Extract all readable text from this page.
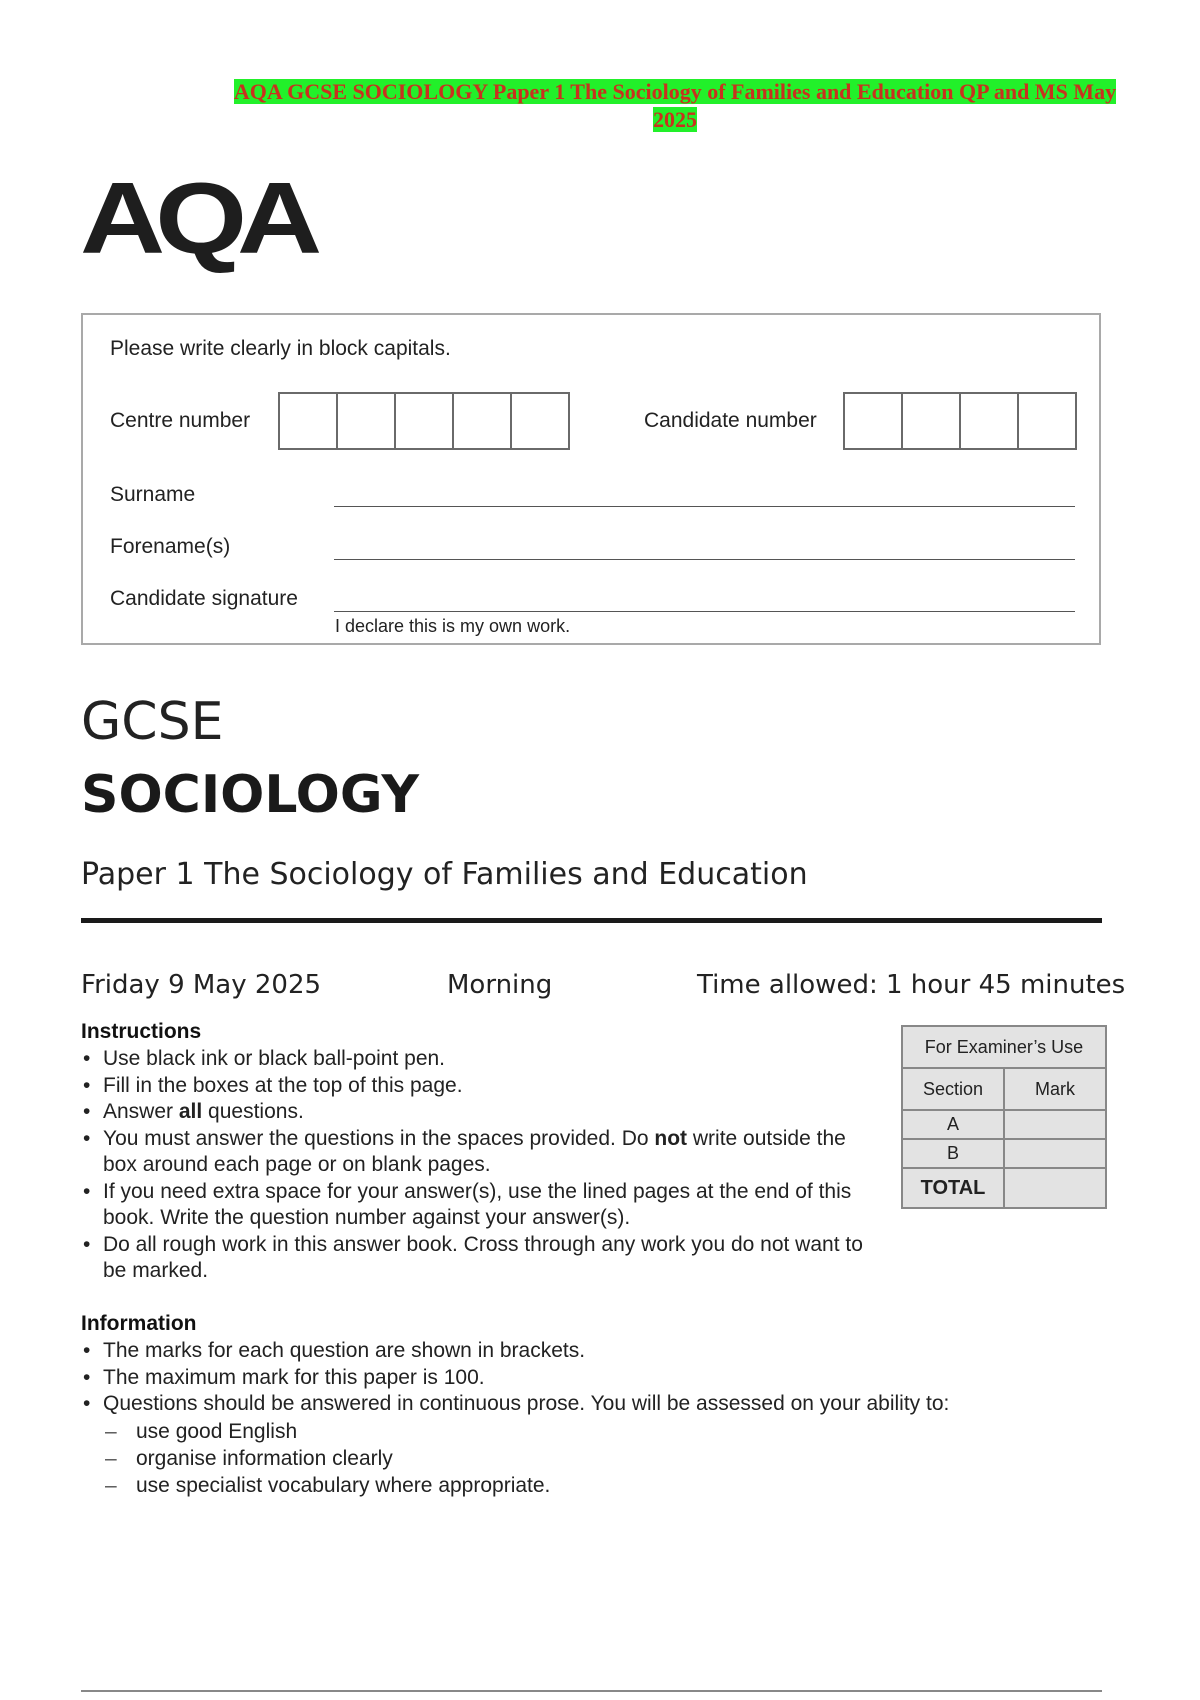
AQA GCSE SOCIOLOGY Paper 1 The Sociology of Families and Education QP and MS May
2025
AQA
Please write clearly in block capitals.
Centre number	Candidate number
Surname
Forename(s)
Candidate signature
I declare this is my own work.
GCSE
SOCIOLOGY
Paper 1 The Sociology of Families and Education
Friday 9 May 2025	Morning	Time allowed: 1 hour 45 minutes
Instructions
• Use black ink or black ball-point pen.
• Fill in the boxes at the top of this page.
• Answer all questions.
• You must answer the questions in the spaces provided. Do not write outside the box around each page or on blank pages.
• If you need extra space for your answer(s), use the lined pages at the end of this book. Write the question number against your answer(s).
• Do all rough work in this answer book. Cross through any work you do not want to be marked.
Information
• The marks for each question are shown in brackets.
• The maximum mark for this paper is 100.
• Questions should be answered in continuous prose. You will be assessed on your ability to:
– use good English
– organise information clearly
– use specialist vocabulary where appropriate.
For Examiner’s Use	
Section	Mark
A	
B	
TOTAL	
